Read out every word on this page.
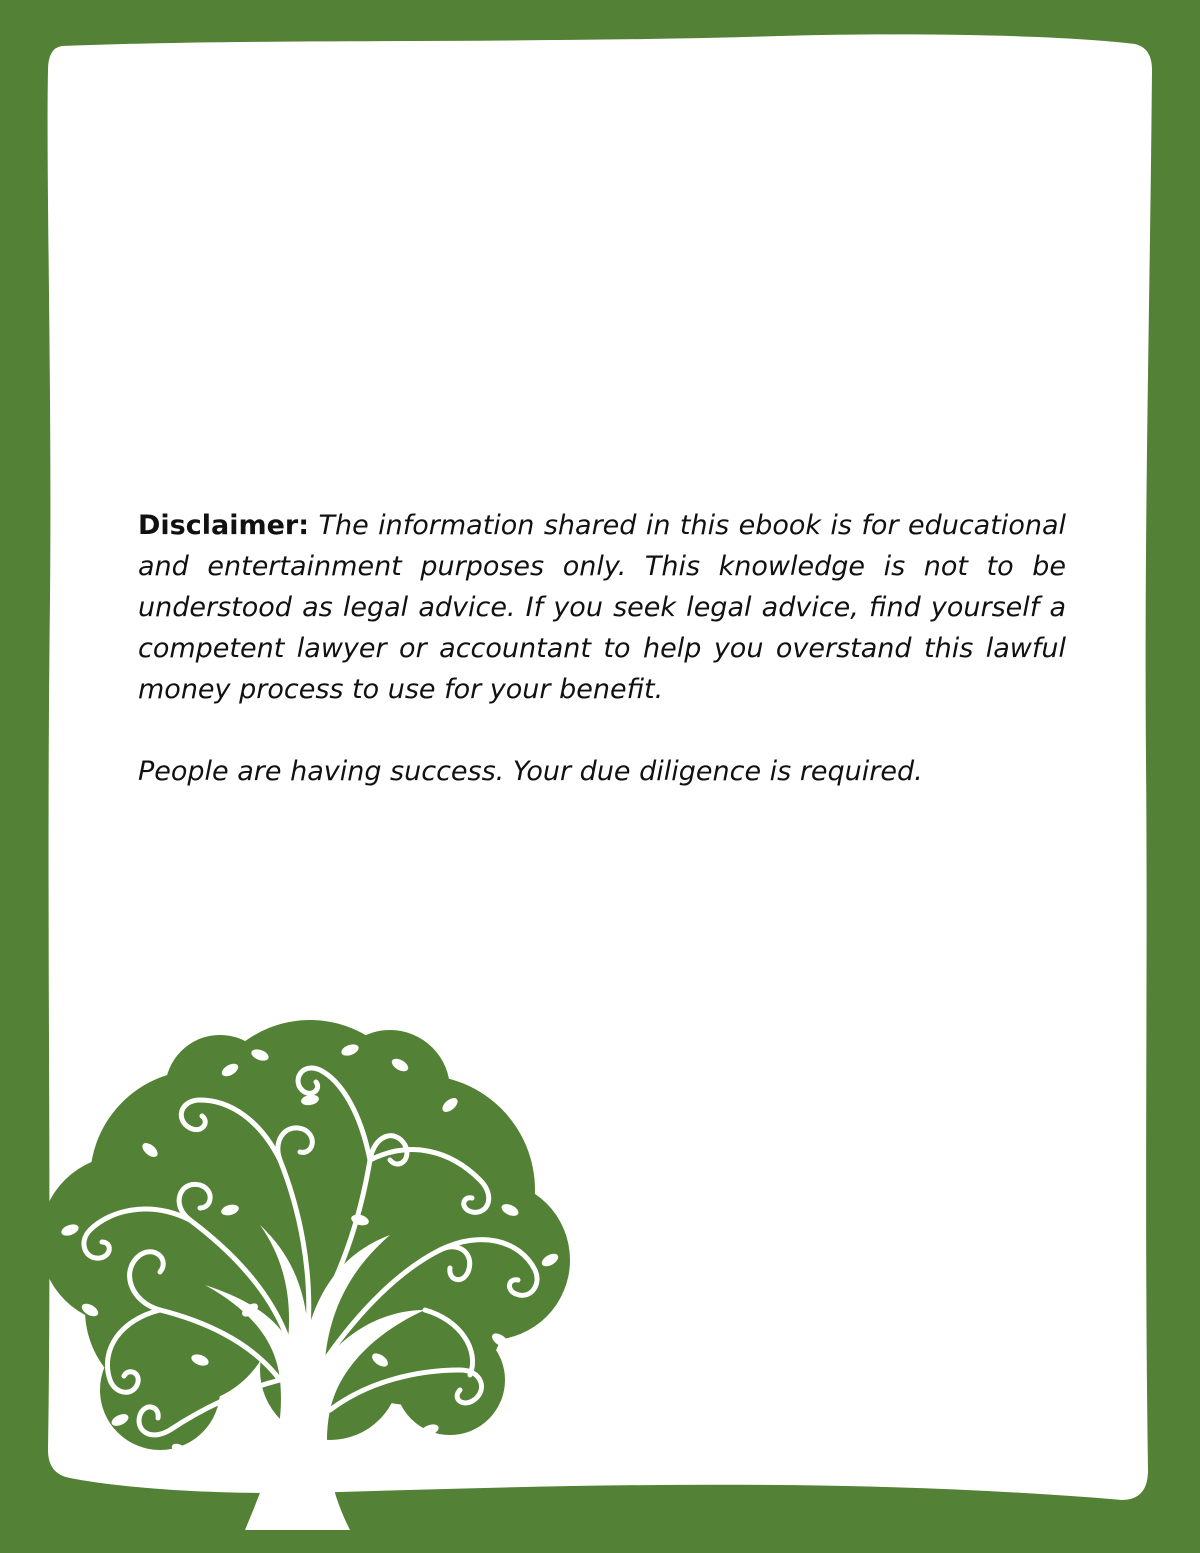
Disclaimer: The information shared in this ebook is for educational and entertainment purposes only. This knowledge is not to be understood as legal advice. If you seek legal advice, find yourself a competent lawyer or accountant to help you overstand this lawful money process to use for your benefit.

People are having success. Your due diligence is required.
